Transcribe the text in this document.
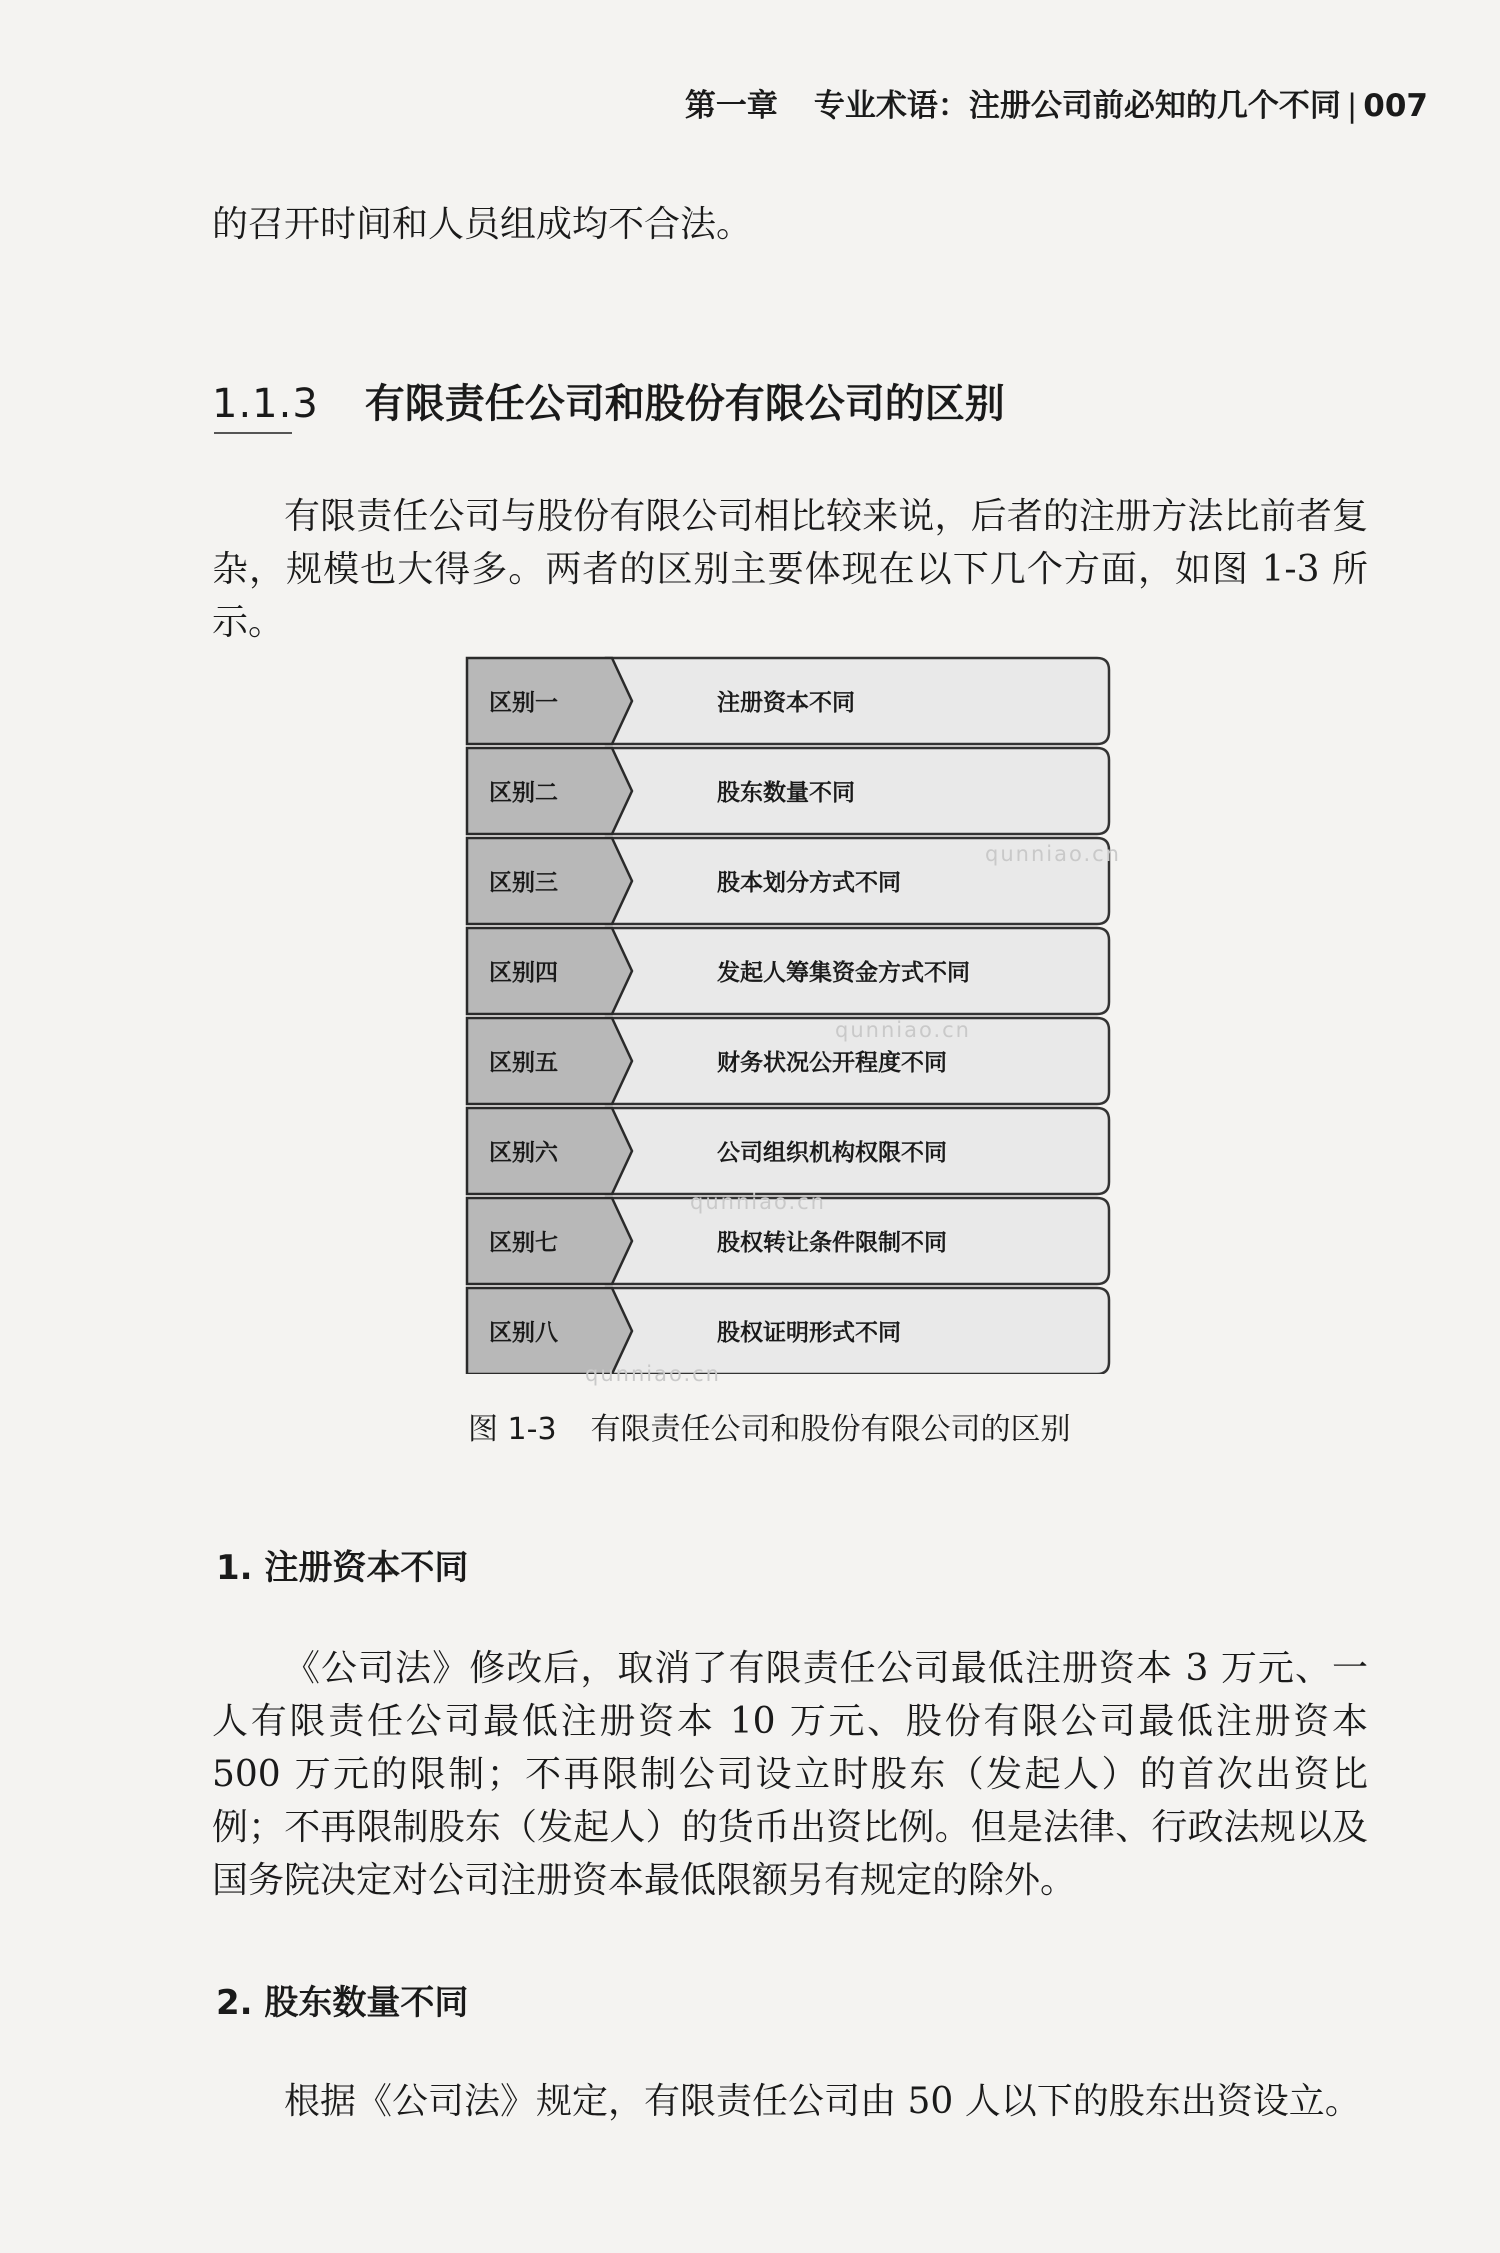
第一章 专业术语：注册公司前必知的几个不同 | 007
的召开时间和人员组成均不合法。
1.1.3 有限责任公司和股份有限公司的区别
有限责任公司与股份有限公司相比较来说，后者的注册方法比前者复杂，规模也大得多。两者的区别主要体现在以下几个方面，如图 1-3 所示。
区别一	注册资本不同
区别二	股东数量不同
区别三	股本划分方式不同
区别四	发起人筹集资金方式不同
区别五	财务状况公开程度不同
区别六	公司组织机构权限不同
区别七	股权转让条件限制不同
区别八	股权证明形式不同
图 1-3 有限责任公司和股份有限公司的区别
1. 注册资本不同
《公司法》修改后，取消了有限责任公司最低注册资本 3 万元、一人有限责任公司最低注册资本 10 万元、股份有限公司最低注册资本 500 万元的限制；不再限制公司设立时股东（发起人）的首次出资比例；不再限制股东（发起人）的货币出资比例。但是法律、行政法规以及国务院决定对公司注册资本最低限额另有规定的除外。
2. 股东数量不同
根据《公司法》规定，有限责任公司由 50 人以下的股东出资设立。
qunniao.cn
qunniao.cn
qunniao.cn
qunniao.cn
